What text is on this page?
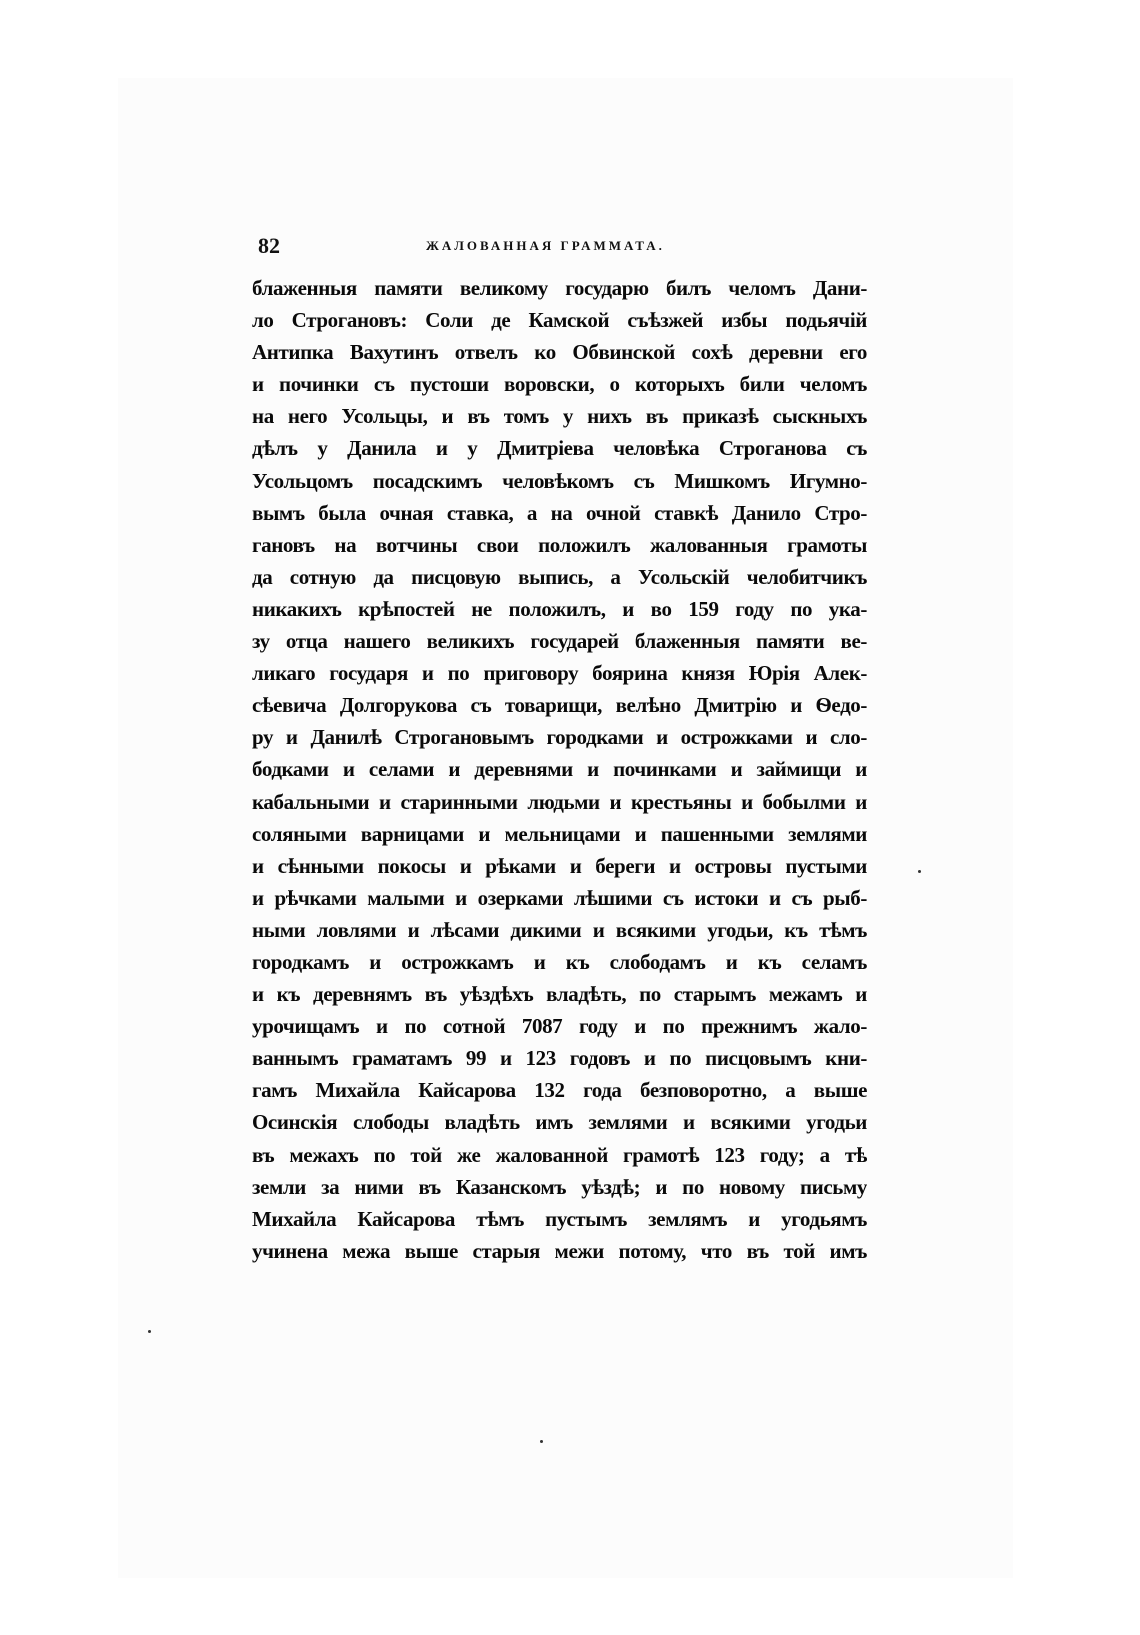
82	ЖАЛОВАННАЯ ГРАММАТА.
блаженныя памяти великому государю билъ челомъ Дани-
ло Строгановъ: Соли де Камской съѣзжей избы подьячій
Антипка Вахутинъ отвелъ ко Обвинской сохѣ деревни его
и починки съ пустоши воровски, о которыхъ били челомъ
на него Усольцы, и въ томъ у нихъ въ приказѣ сыскныхъ
дѣлъ у Данила и у Дмитріева человѣка Строганова съ
Усольцомъ посадскимъ человѣкомъ съ Мишкомъ Игумно-
вымъ была очная ставка, а на очной ставкѣ Данило Стро-
гановъ на вотчины свои положилъ жалованныя грамоты
да сотную да писцовую выпись, а Усольскій челобитчикъ
никакихъ крѣпостей не положилъ, и во 159 году по ука-
зу отца нашего великихъ государей блаженныя памяти ве-
ликаго государя и по приговору боярина князя Юрія Алек-
сѣевича Долгорукова съ товарищи, велѣно Дмитрію и Ѳедо-
ру и Данилѣ Строгановымъ городками и острожками и сло-
бодками и селами и деревнями и починками и займищи и
кабальными и старинными людьми и крестьяны и бобылми и
соляными варницами и мельницами и пашенными землями
и сѣнными покосы и рѣками и береги и островы пустыми
и рѣчками малыми и озерками лѣшими съ истоки и съ рыб-
ными ловлями и лѣсами дикими и всякими угодьи, къ тѣмъ
городкамъ и острожкамъ и къ слободамъ и къ селамъ
и къ деревнямъ въ уѣздѣхъ владѣть, по старымъ межамъ и
урочищамъ и по сотной 7087 году и по прежнимъ жало-
ваннымъ граматамъ 99 и 123 годовъ и по писцовымъ кни-
гамъ Михайла Кайсарова 132 года безповоротно, а выше
Осинскія слободы владѣть имъ землями и всякими угодьи
въ межахъ по той же жалованной грамотѣ 123 году; а тѣ
земли за ними въ Казанскомъ уѣздѣ; и по новому письму
Михайла Кайсарова тѣмъ пустымъ землямъ и угодьямъ
учинена межа выше старыя межи потому, что въ той имъ
